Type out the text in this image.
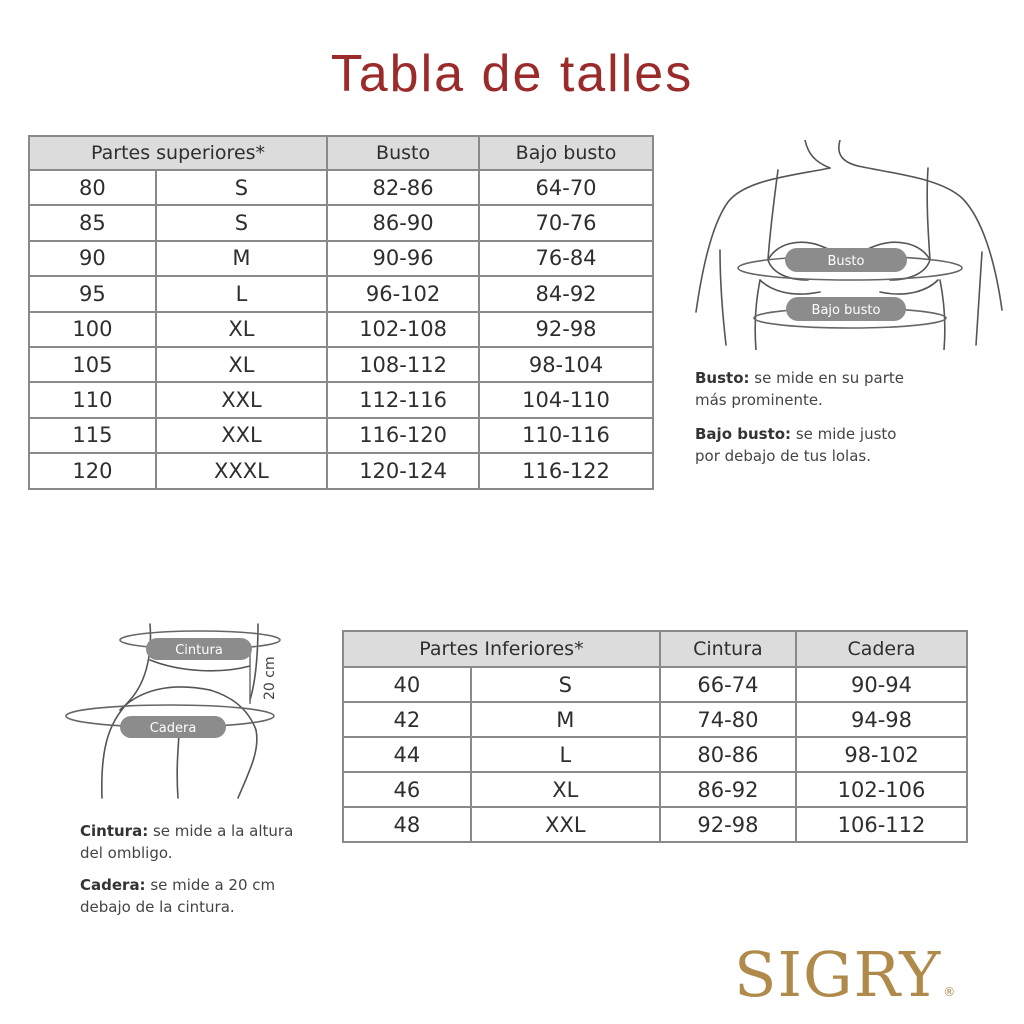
Tabla de talles
Partes superiores*		Busto	Bajo busto
80	S	82-86	64-70
85	S	86-90	70-76
90	M	90-96	76-84
95	L	96-102	84-92
100	XL	102-108	92-98
105	XL	108-112	98-104
110	XXL	112-116	104-110
115	XXL	116-120	110-116
120	XXXL	120-124	116-122
Busto
Bajo busto
Busto: se mide en su parte
más prominente.
Bajo busto: se mide justo
por debajo de tus lolas.
Cintura
Cadera
20 cm
Cintura: se mide a la altura
del ombligo.
Cadera: se mide a 20 cm
debajo de la cintura.
Partes Inferiores*		Cintura	Cadera
40	S	66-74	90-94
42	M	74-80	94-98
44	L	80-86	98-102
46	XL	86-92	102-106
48	XXL	92-98	106-112
SIGRY ®
